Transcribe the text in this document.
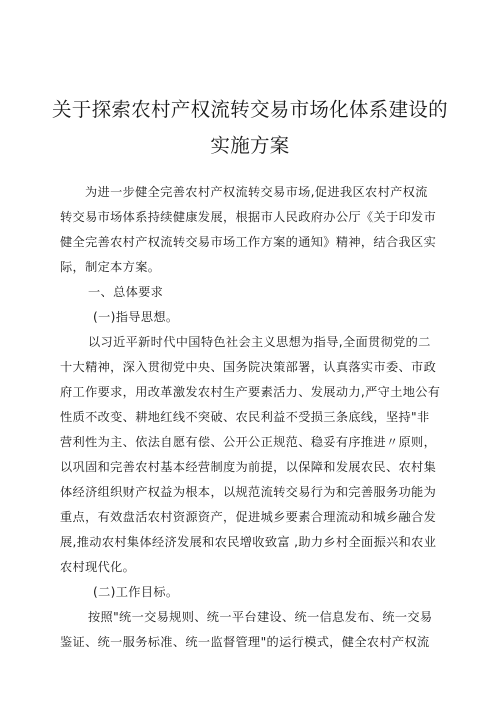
关于探索农村产权流转交易市场化体系建设的
实施方案
为进一步健全完善农村产权流转交易市场,促进我区农村产权流
转交易市场体系持续健康发展，根据市人民政府办公厅《关于印发市
健全完善农村产权流转交易市场工作方案的通知》精神，结合我区实
际，制定本方案。
一、总体要求
(一)指导思想。
以习近平新时代中国特色社会主义思想为指导,全面贯彻党的二
十大精神，深入贯彻党中央、国务院决策部署，认真落实市委、市政
府工作要求，用改革激发农村生产要素活力、发展动力,严守土地公有
性质不改变、耕地红线不突破、农民利益不受损三条底线，坚持"非
营利性为主、依法自愿有偿、公开公正规范、稳妥有序推进〃原则，
以巩固和完善农村基本经营制度为前提，以保障和发展农民、农村集
体经济组织财产权益为根本，以规范流转交易行为和完善服务功能为
重点，有效盘活农村资源资产，促进城乡要素合理流动和城乡融合发
展,推动农村集体经济发展和农民增收致富 ,助力乡村全面振兴和农业
农村现代化。
(二)工作目标。
按照"统一交易规则、统一平台建设、统一信息发布、统一交易
鉴证、统一服务标准、统一监督管理"的运行模式，健全农村产权流
